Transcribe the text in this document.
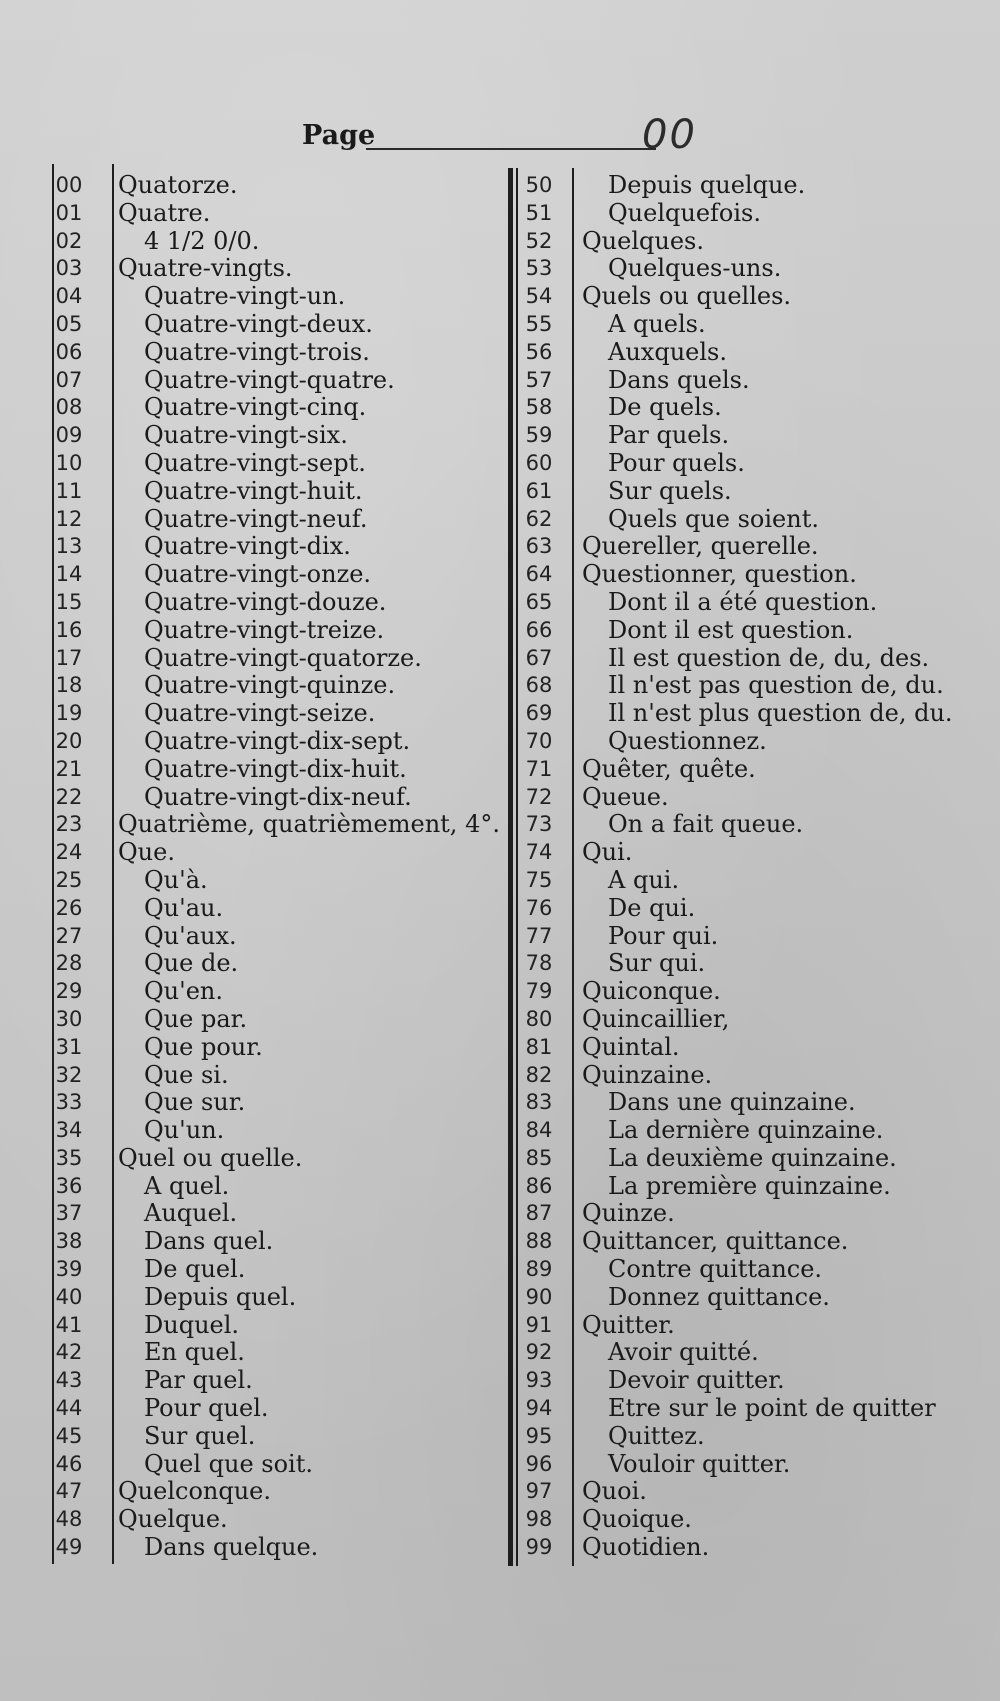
Page	00
00	Quatorze.
01	Quatre.
02	4 1/2 0/0.
03	Quatre-vingts.
04	Quatre-vingt-un.
05	Quatre-vingt-deux.
06	Quatre-vingt-trois.
07	Quatre-vingt-quatre.
08	Quatre-vingt-cinq.
09	Quatre-vingt-six.
10	Quatre-vingt-sept.
11	Quatre-vingt-huit.
12	Quatre-vingt-neuf.
13	Quatre-vingt-dix.
14	Quatre-vingt-onze.
15	Quatre-vingt-douze.
16	Quatre-vingt-treize.
17	Quatre-vingt-quatorze.
18	Quatre-vingt-quinze.
19	Quatre-vingt-seize.
20	Quatre-vingt-dix-sept.
21	Quatre-vingt-dix-huit.
22	Quatre-vingt-dix-neuf.
23	Quatrième, quatrièmement, 4°.
24	Que.
25	Qu'à.
26	Qu'au.
27	Qu'aux.
28	Que de.
29	Qu'en.
30	Que par.
31	Que pour.
32	Que si.
33	Que sur.
34	Qu'un.
35	Quel ou quelle.
36	A quel.
37	Auquel.
38	Dans quel.
39	De quel.
40	Depuis quel.
41	Duquel.
42	En quel.
43	Par quel.
44	Pour quel.
45	Sur quel.
46	Quel que soit.
47	Quelconque.
48	Quelque.
49	Dans quelque.
50	Depuis quelque.
51	Quelquefois.
52	Quelques.
53	Quelques-uns.
54	Quels ou quelles.
55	A quels.
56	Auxquels.
57	Dans quels.
58	De quels.
59	Par quels.
60	Pour quels.
61	Sur quels.
62	Quels que soient.
63	Quereller, querelle.
64	Questionner, question.
65	Dont il a été question.
66	Dont il est question.
67	Il est question de, du, des.
68	Il n'est pas question de, du.
69	Il n'est plus question de, du.
70	Questionnez.
71	Quêter, quête.
72	Queue.
73	On a fait queue.
74	Qui.
75	A qui.
76	De qui.
77	Pour qui.
78	Sur qui.
79	Quiconque.
80	Quincaillier,
81	Quintal.
82	Quinzaine.
83	Dans une quinzaine.
84	La dernière quinzaine.
85	La deuxième quinzaine.
86	La première quinzaine.
87	Quinze.
88	Quittancer, quittance.
89	Contre quittance.
90	Donnez quittance.
91	Quitter.
92	Avoir quitté.
93	Devoir quitter.
94	Etre sur le point de quitter
95	Quittez.
96	Vouloir quitter.
97	Quoi.
98	Quoique.
99	Quotidien.
